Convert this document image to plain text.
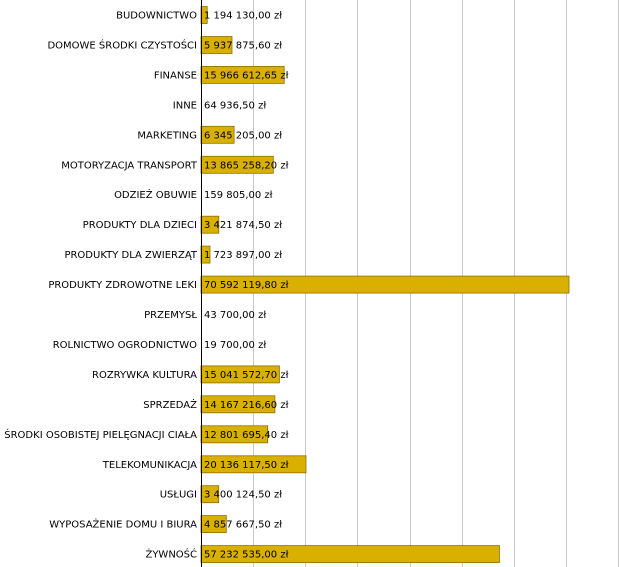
BUDOWNICTWO
DOMOWE ŚRODKI CZYSTOŚCI
FINANSE
INNE
MARKETING
MOTORYZACJA TRANSPORT
ODZIEŻ OBUWIE
PRODUKTY DLA DZIECI
PRODUKTY DLA ZWIERZĄT
PRODUKTY ZDROWOTNE LEKI
PRZEMYSŁ
ROLNICTWO OGRODNICTWO
ROZRYWKA KULTURA
SPRZEDAŻ
ŚRODKI OSOBISTEJ PIELĘGNACJI CIAŁA
TELEKOMUNIKACJA
USŁUGI
WYPOSAŻENIE DOMU I BIURA
ŻYWNOŚĆ
1 194 130,00 zł
5 937 875,60 zł
15 966 612,65 zł
64 936,50 zł
6 345 205,00 zł
13 865 258,20 zł
159 805,00 zł
3 421 874,50 zł
1 723 897,00 zł
70 592 119,80 zł
43 700,00 zł
19 700,00 zł
15 041 572,70 zł
14 167 216,60 zł
12 801 695,40 zł
20 136 117,50 zł
3 400 124,50 zł
4 857 667,50 zł
57 232 535,00 zł
